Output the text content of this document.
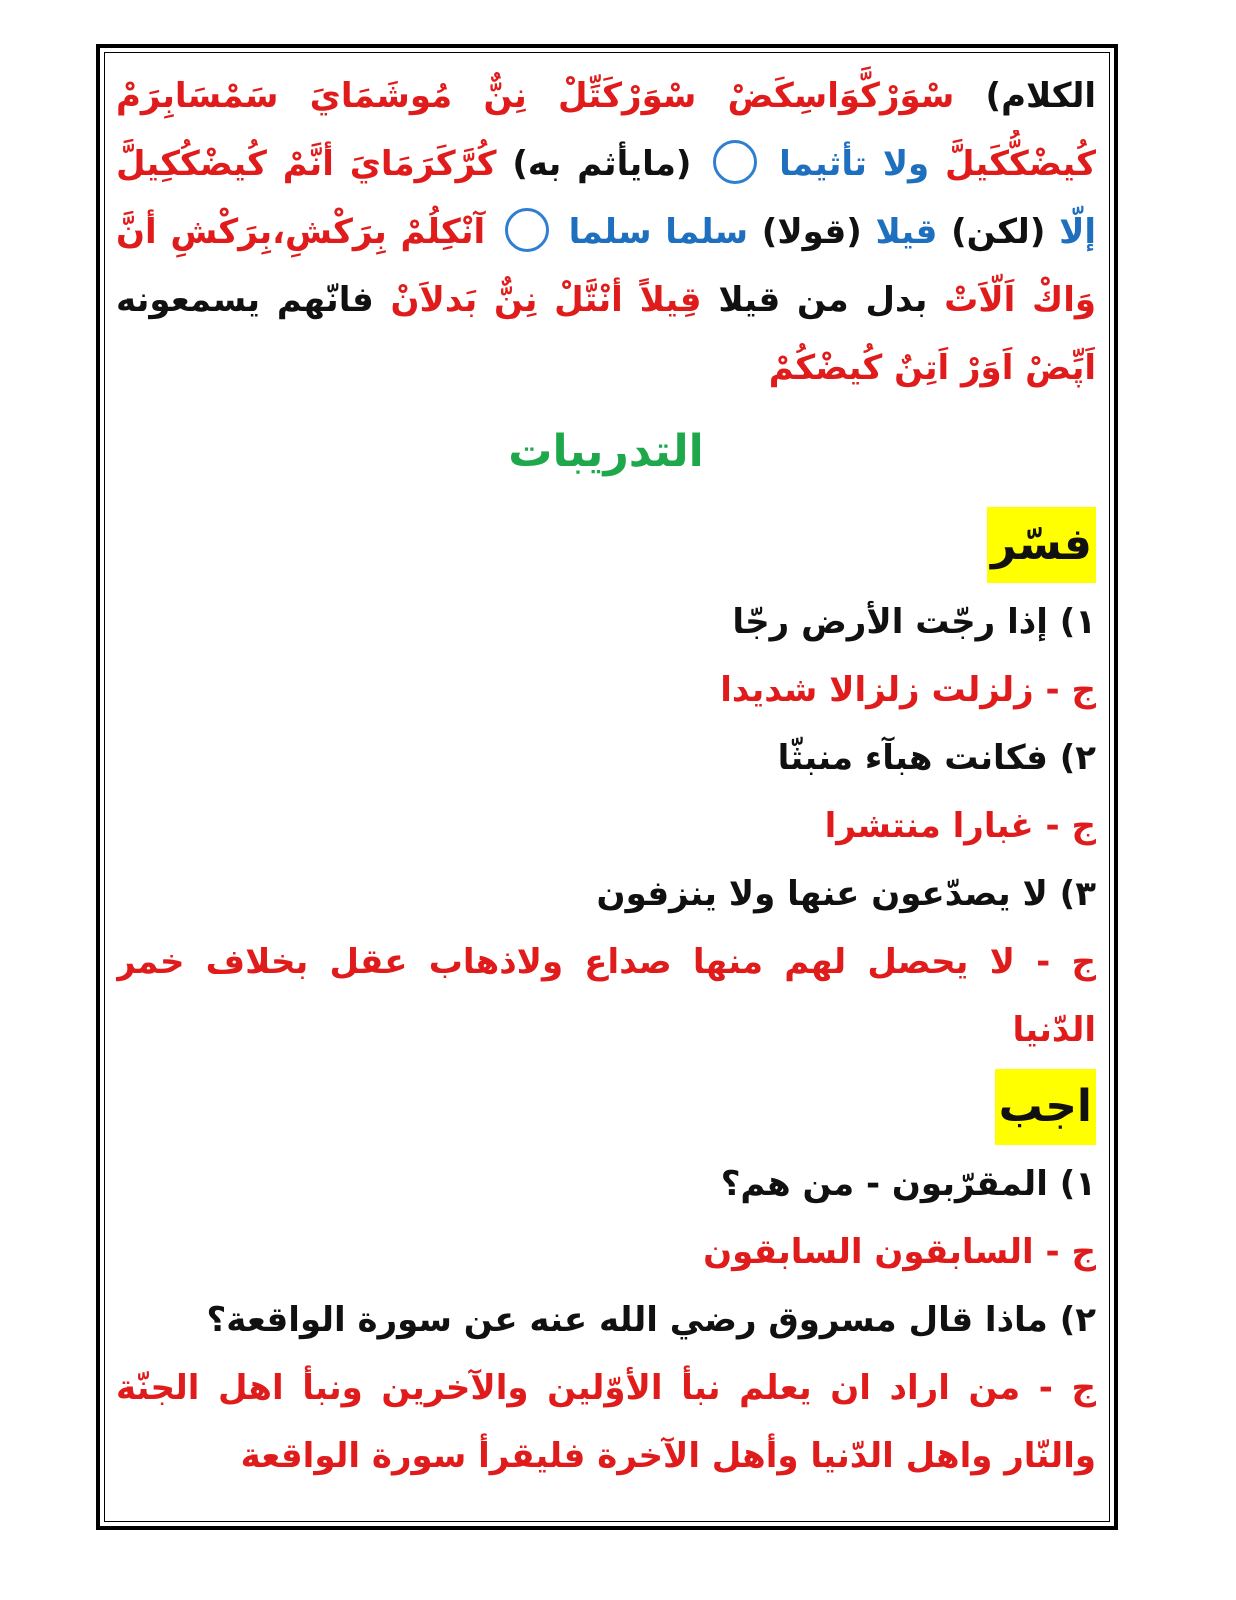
الكلام) سْوَرْكَّوَاسِكَضْ سْوَرْكَتِّلْ نِنٌّ مُوشَمَايَ سَمْسَابِرَمْ
كُيضْكُّكَيلَّ ولا تأثيما  (مايأثم به) كُرَّكَرَمَايَ أنَّمْ كُيضْكُكِيلَّ
إلّا (لكن) قيلا (قولا) سلما سلما  آنْكِلُمْ بِرَكْشِ،بِرَكْشِ أنَّ
وَاكْ اَلّاَتْ بدل من قيلا قِيلاً أنْتَّلْ نِنٌّ بَدلاَنْ فانّهم يسمعونه
اَپِّضْ اَوَرْ اَتِنٌ كُيضْكُمْ
التدريبات
فسّر
١) إذا رجّت الأرض رجّا
ج - زلزلت زلزالا شديدا
٢) فكانت هبآء منبثّا
ج - غبارا منتشرا
٣) لا يصدّعون عنها ولا ينزفون
ج - لا يحصل لهم منها صداع ولاذهاب عقل بخلاف خمر
الدّنيا
اجب
١) المقرّبون - من هم؟
ج - السابقون السابقون
٢) ماذا قال مسروق رضي الله عنه عن سورة الواقعة؟
ج - من اراد ان يعلم نبأ الأوّلين والآخرين ونبأ اهل الجنّة
والنّار واهل الدّنيا وأهل الآخرة فليقرأ سورة الواقعة
